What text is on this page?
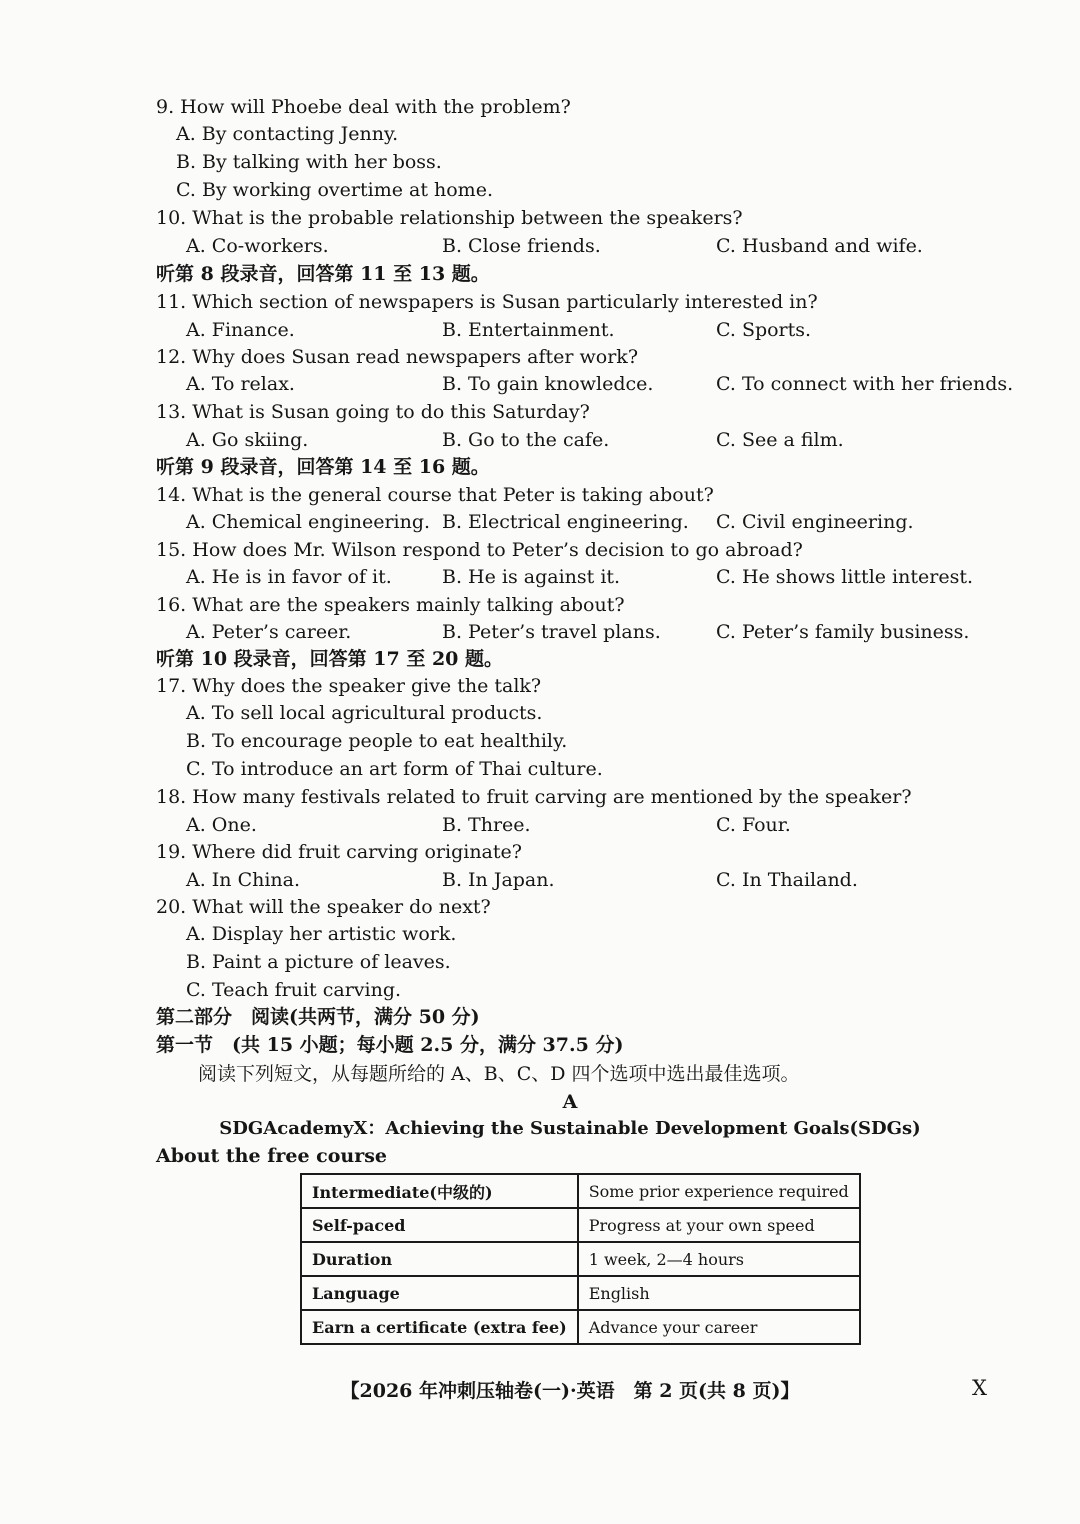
9. How will Phoebe deal with the problem?
A. By contacting Jenny.
B. By talking with her boss.
C. By working overtime at home.
10. What is the probable relationship between the speakers?
A. Co-workers.	B. Close friends.	C. Husband and wife.
听第 8 段录音，回答第 11 至 13 题。
11. Which section of newspapers is Susan particularly interested in?
A. Finance.	B. Entertainment.	C. Sports.
12. Why does Susan read newspapers after work?
A. To relax.	B. To gain knowledce.	C. To connect with her friends.
13. What is Susan going to do this Saturday?
A. Go skiing.	B. Go to the cafe.	C. See a film.
听第 9 段录音，回答第 14 至 16 题。
14. What is the general course that Peter is taking about?
A. Chemical engineering. B. Electrical engineering. C. Civil engineering.
15. How does Mr. Wilson respond to Peter’s decision to go abroad?
A. He is in favor of it.	B. He is against it.	C. He shows little interest.
16. What are the speakers mainly talking about?
A. Peter’s career.	B. Peter’s travel plans.	C. Peter’s family business.
听第 10 段录音，回答第 17 至 20 题。
17. Why does the speaker give the talk?
A. To sell local agricultural products.
B. To encourage people to eat healthily.
C. To introduce an art form of Thai culture.
18. How many festivals related to fruit carving are mentioned by the speaker?
A. One.	B. Three.	C. Four.
19. Where did fruit carving originate?
A. In China.	B. In Japan.	C. In Thailand.
20. What will the speaker do next?
A. Display her artistic work.
B. Paint a picture of leaves.
C. Teach fruit carving.
第二部分　阅读(共两节，满分 50 分)
第一节　(共 15 小题；每小题 2.5 分，满分 37.5 分)
阅读下列短文，从每题所给的 A、B、C、D 四个选项中选出最佳选项。
A
SDGAcademyX：Achieving the Sustainable Development Goals(SDGs)
About the free course
Intermediate(中级的)	Some prior experience required
Self-paced	Progress at your own speed
Duration	1 week, 2—4 hours
Language	English
Earn a certificate (extra fee)	Advance your career
【2026 年冲刺压轴卷(一)·英语　第 2 页(共 8 页)】	X
